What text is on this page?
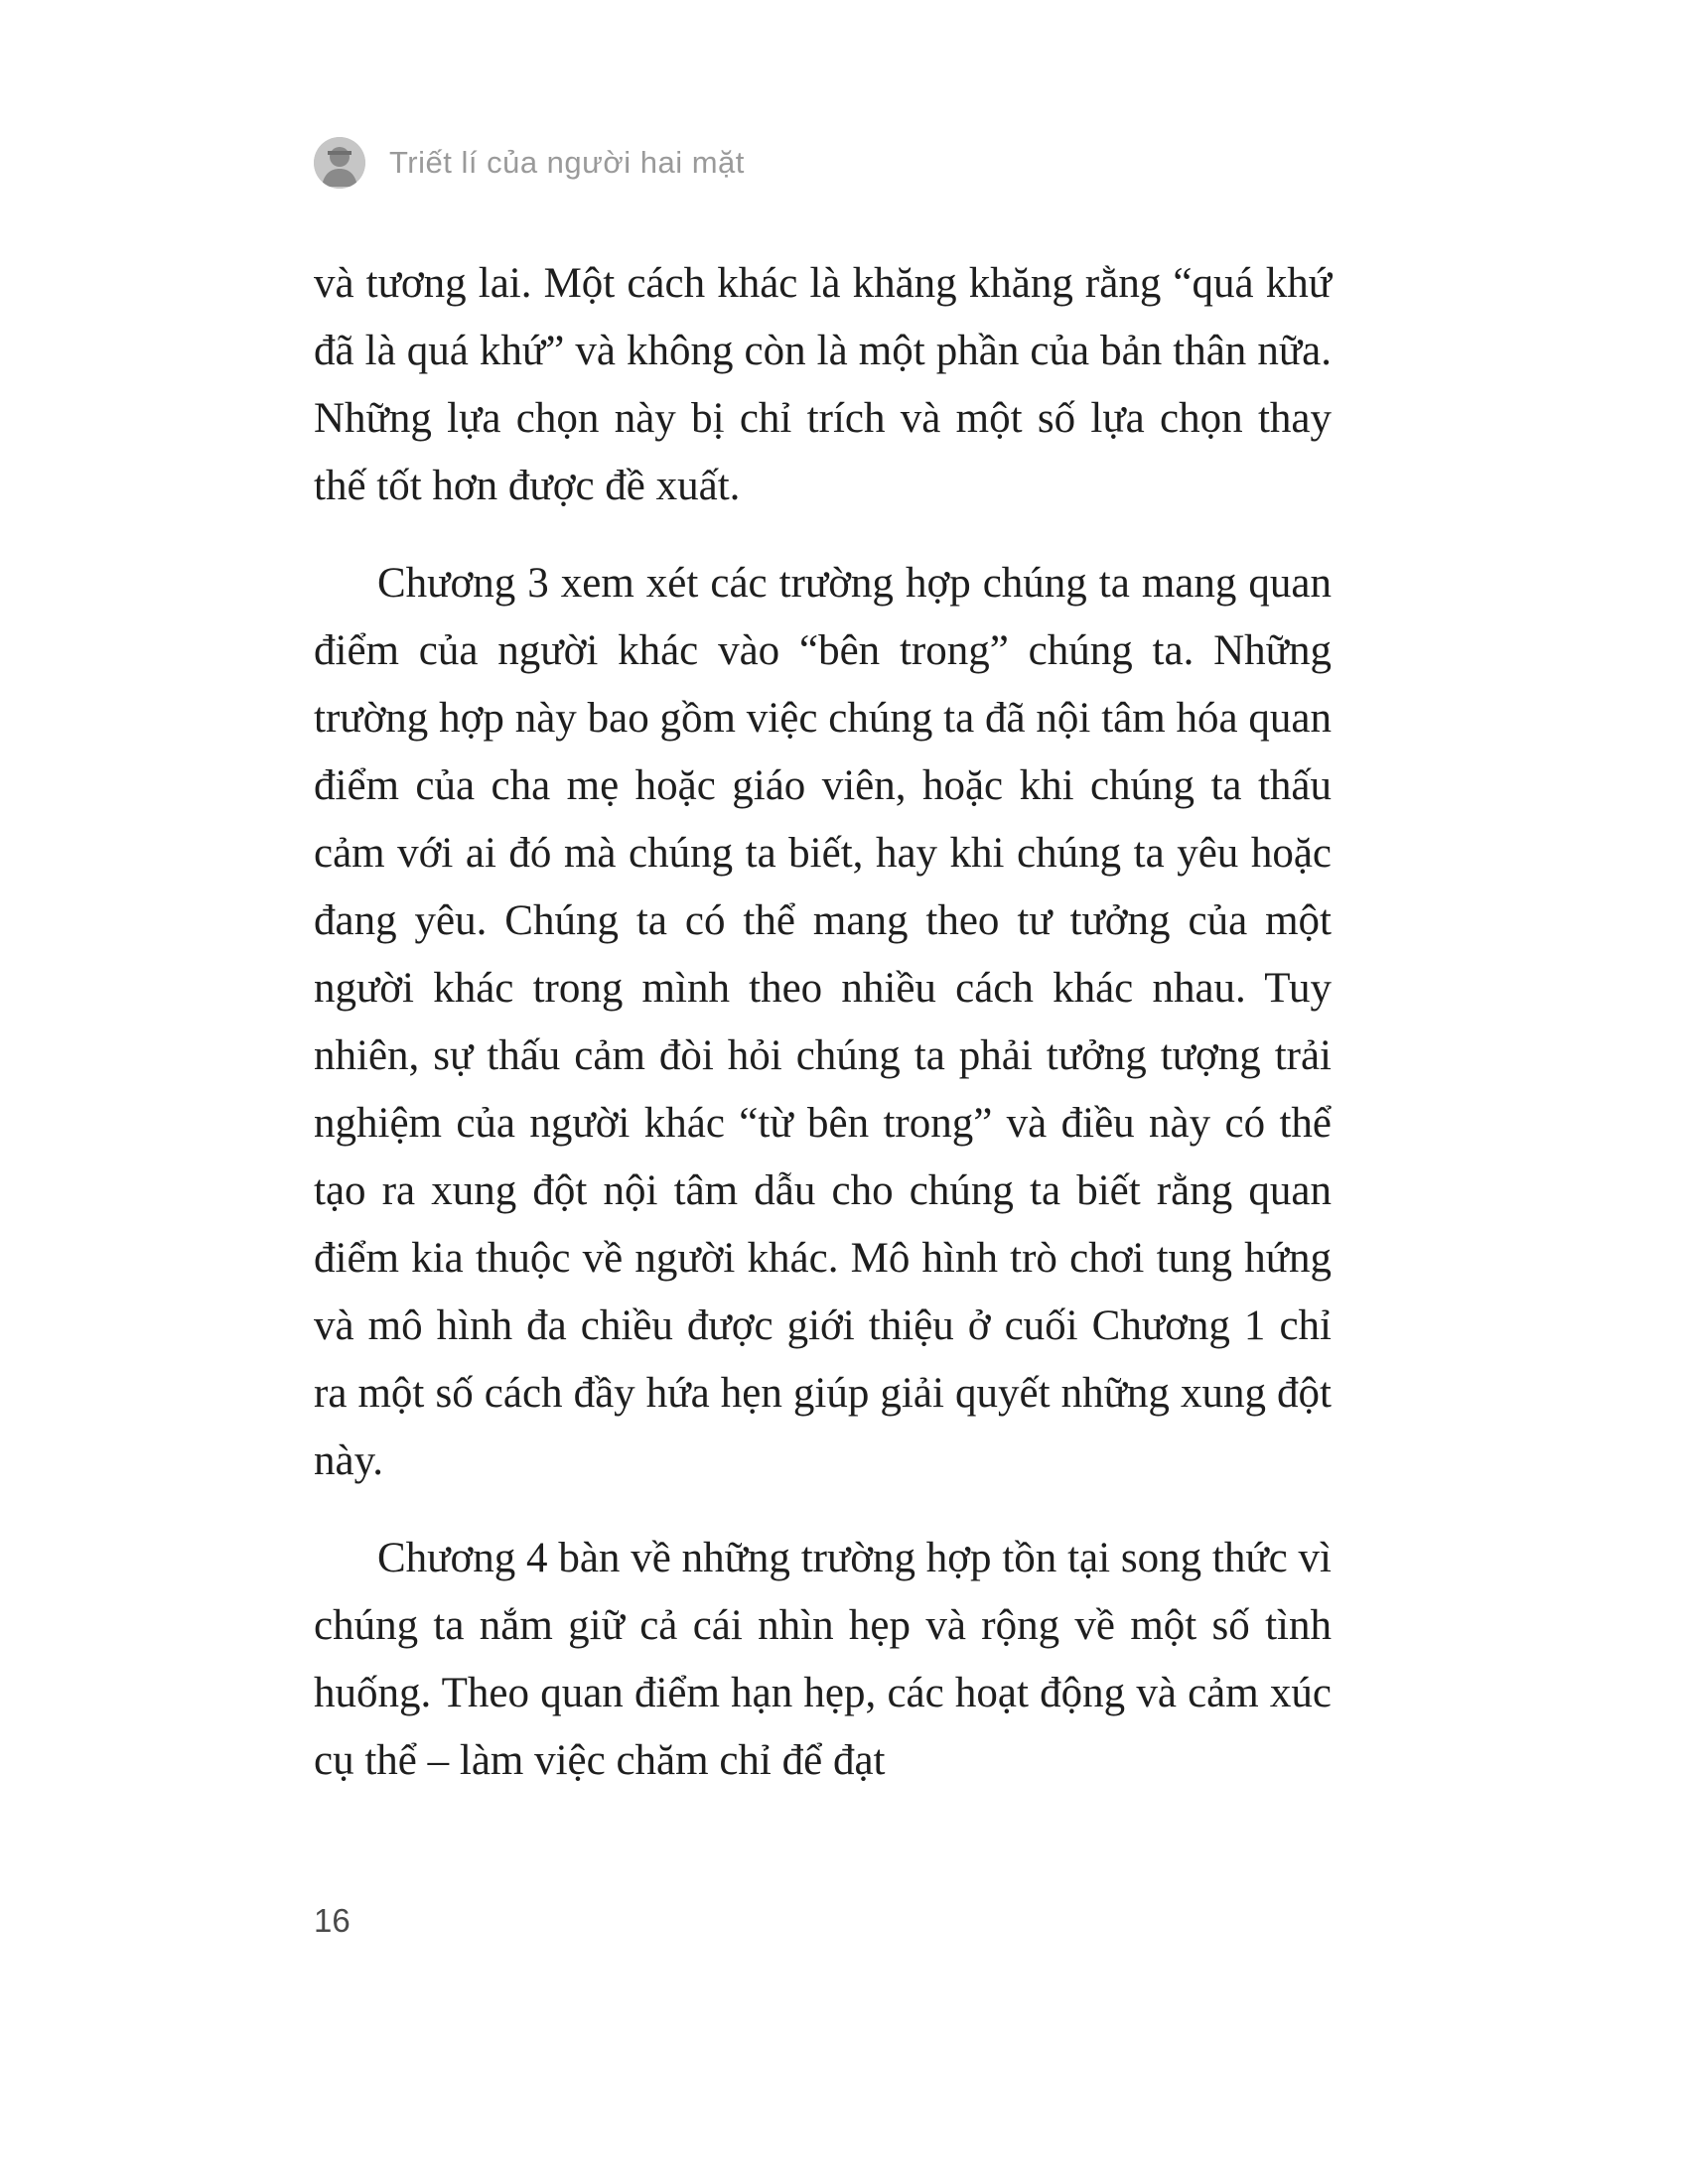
Triết lí của người hai mặt

và tương lai. Một cách khác là khăng khăng rằng “quá khứ đã là quá khứ” và không còn là một phần của bản thân nữa. Những lựa chọn này bị chỉ trích và một số lựa chọn thay thế tốt hơn được đề xuất.

Chương 3 xem xét các trường hợp chúng ta mang quan điểm của người khác vào “bên trong” chúng ta. Những trường hợp này bao gồm việc chúng ta đã nội tâm hóa quan điểm của cha mẹ hoặc giáo viên, hoặc khi chúng ta thấu cảm với ai đó mà chúng ta biết, hay khi chúng ta yêu hoặc đang yêu. Chúng ta có thể mang theo tư tưởng của một người khác trong mình theo nhiều cách khác nhau. Tuy nhiên, sự thấu cảm đòi hỏi chúng ta phải tưởng tượng trải nghiệm của người khác “từ bên trong” và điều này có thể tạo ra xung đột nội tâm dẫu cho chúng ta biết rằng quan điểm kia thuộc về người khác. Mô hình trò chơi tung hứng và mô hình đa chiều được giới thiệu ở cuối Chương 1 chỉ ra một số cách đầy hứa hẹn giúp giải quyết những xung đột này.

Chương 4 bàn về những trường hợp tồn tại song thức vì chúng ta nắm giữ cả cái nhìn hẹp và rộng về một số tình huống. Theo quan điểm hạn hẹp, các hoạt động và cảm xúc cụ thể – làm việc chăm chỉ để đạt

16
